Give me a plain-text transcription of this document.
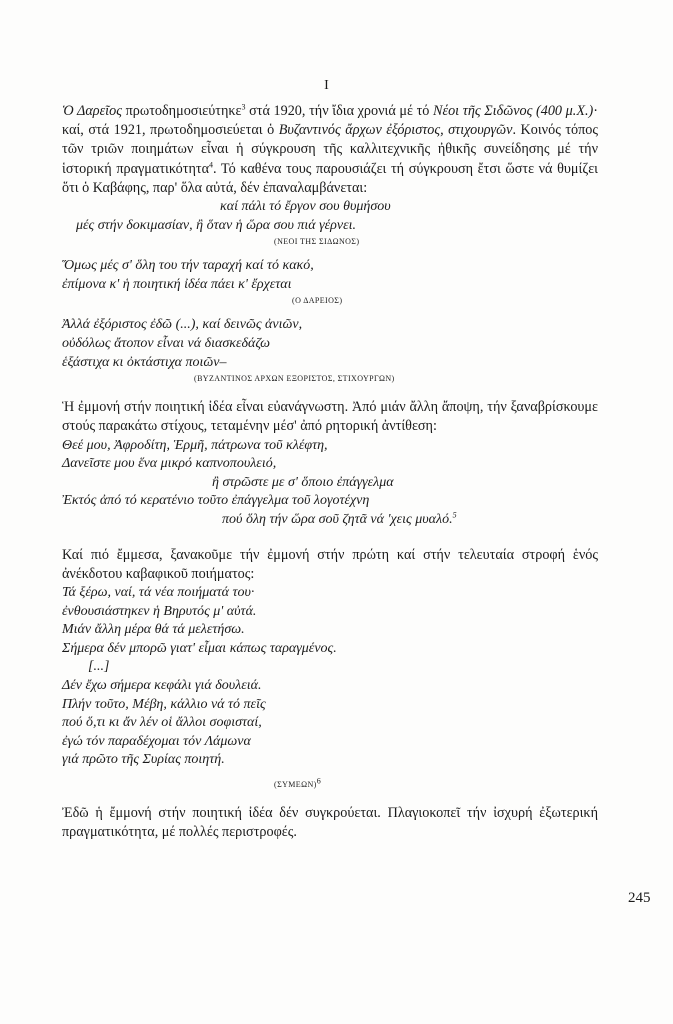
I

Ὁ Δαρεῖος πρωτοδημοσιεύτηκε$^3$ στά 1920, τήν ἴδια χρονιά μέ τό Νέοι τῆς Σιδῶνος (400 μ.Χ.)· καί, στά 1921, πρωτοδημοσιεύεται ὁ Βυζαντινός ἄρχων ἐξόριστος, στιχουργῶν. Κοινός τόπος τῶν τριῶν ποιημάτων εἶναι ἡ σύγκρουση τῆς καλλιτεχνικῆς ἠθικῆς συνείδησης μέ τήν ἱστορική πραγματικότητα$^4$. Τό καθένα τους παρουσιάζει τή σύγκρουση ἔτσι ὥστε νά θυμίζει ὅτι ὁ Καβάφης, παρ' ὅλα αὐτά, δέν ἐπαναλαμβάνεται:

καί πάλι τό ἔργον σου θυμήσου
μές στήν δοκιμασίαν, ἢ ὅταν ἡ ὥρα σου πιά γέρνει.
(ΝΕΟΙ ΤΗΣ ΣΙΔΩΝΟΣ)
Ὅμως μές σ' ὅλη του τήν ταραχή καί τό κακό,
ἐπίμονα κ' ἡ ποιητική ἰδέα πάει κ' ἔρχεται
(Ο ΔΑΡΕΙΟΣ)
Ἀλλά ἐξόριστος ἐδῶ (...), καί δεινῶς ἀνιῶν,
οὐδόλως ἄτοπον εἶναι νά διασκεδάζω
ἑξάστιχα κι ὀκτάστιχα ποιῶν–
(ΒΥΖΑΝΤΙΝΟΣ ΑΡΧΩΝ ΕΞΟΡΙΣΤΟΣ, ΣΤΙΧΟΥΡΓΩΝ)

Ἡ ἐμμονή στήν ποιητική ἰδέα εἶναι εὐανάγνωστη. Ἀπό μιάν ἄλλη ἄποψη, τήν ξαναβρίσκουμε στούς παρακάτω στίχους, τεταμένην μέσ' ἀπό ρητορική ἀντίθεση:

Θεέ μου, Ἀφροδίτη, Ἑρμῆ, πάτρωνα τοῦ κλέφτη,
Δανεῖστε μου ἕνα μικρό καπνοπουλειό,
ἢ στρῶστε με σ' ὅποιο ἐπάγγελμα
Ἐκτός ἀπό τό κερατένιο τοῦτο ἐπάγγελμα τοῦ λογοτέχνη
πού ὅλη τήν ὥρα σοῦ ζητᾶ νά 'χεις μυαλό.$^5$

Καί πιό ἔμμεσα, ξανακοῦμε τήν ἐμμονή στήν πρώτη καί στήν τελευταία στροφή ἑνός ἀνέκδοτου καβαφικοῦ ποιήματος:

Τά ξέρω, ναί, τά νέα ποιήματά του·
ἐνθουσιάστηκεν ἡ Βηρυτός μ' αὐτά.
Μιάν ἄλλη μέρα θά τά μελετήσω.
Σήμερα δέν μπορῶ γιατ' εἶμαι κάπως ταραγμένος.
[...]
Δέν ἔχω σήμερα κεφάλι γιά δουλειά.
Πλήν τοῦτο, Μέβη, κάλλιο νά τό πεῖς
πού ὅ,τι κι ἄν λέν οἱ ἄλλοι σοφισταί,
ἐγώ τόν παραδέχομαι τόν Λάμωνα
γιά πρῶτο τῆς Συρίας ποιητή.
$(\Sigma\Upsilon ME\Omega N)^6$

Ἐδῶ ἡ ἔμμονή στήν ποιητική ἰδέα δέν συγκρούεται. Πλαγιοκοπεῖ τήν ἰσχυρή ἐξωτερική πραγματικότητα, μέ πολλές περιστροφές.

245
